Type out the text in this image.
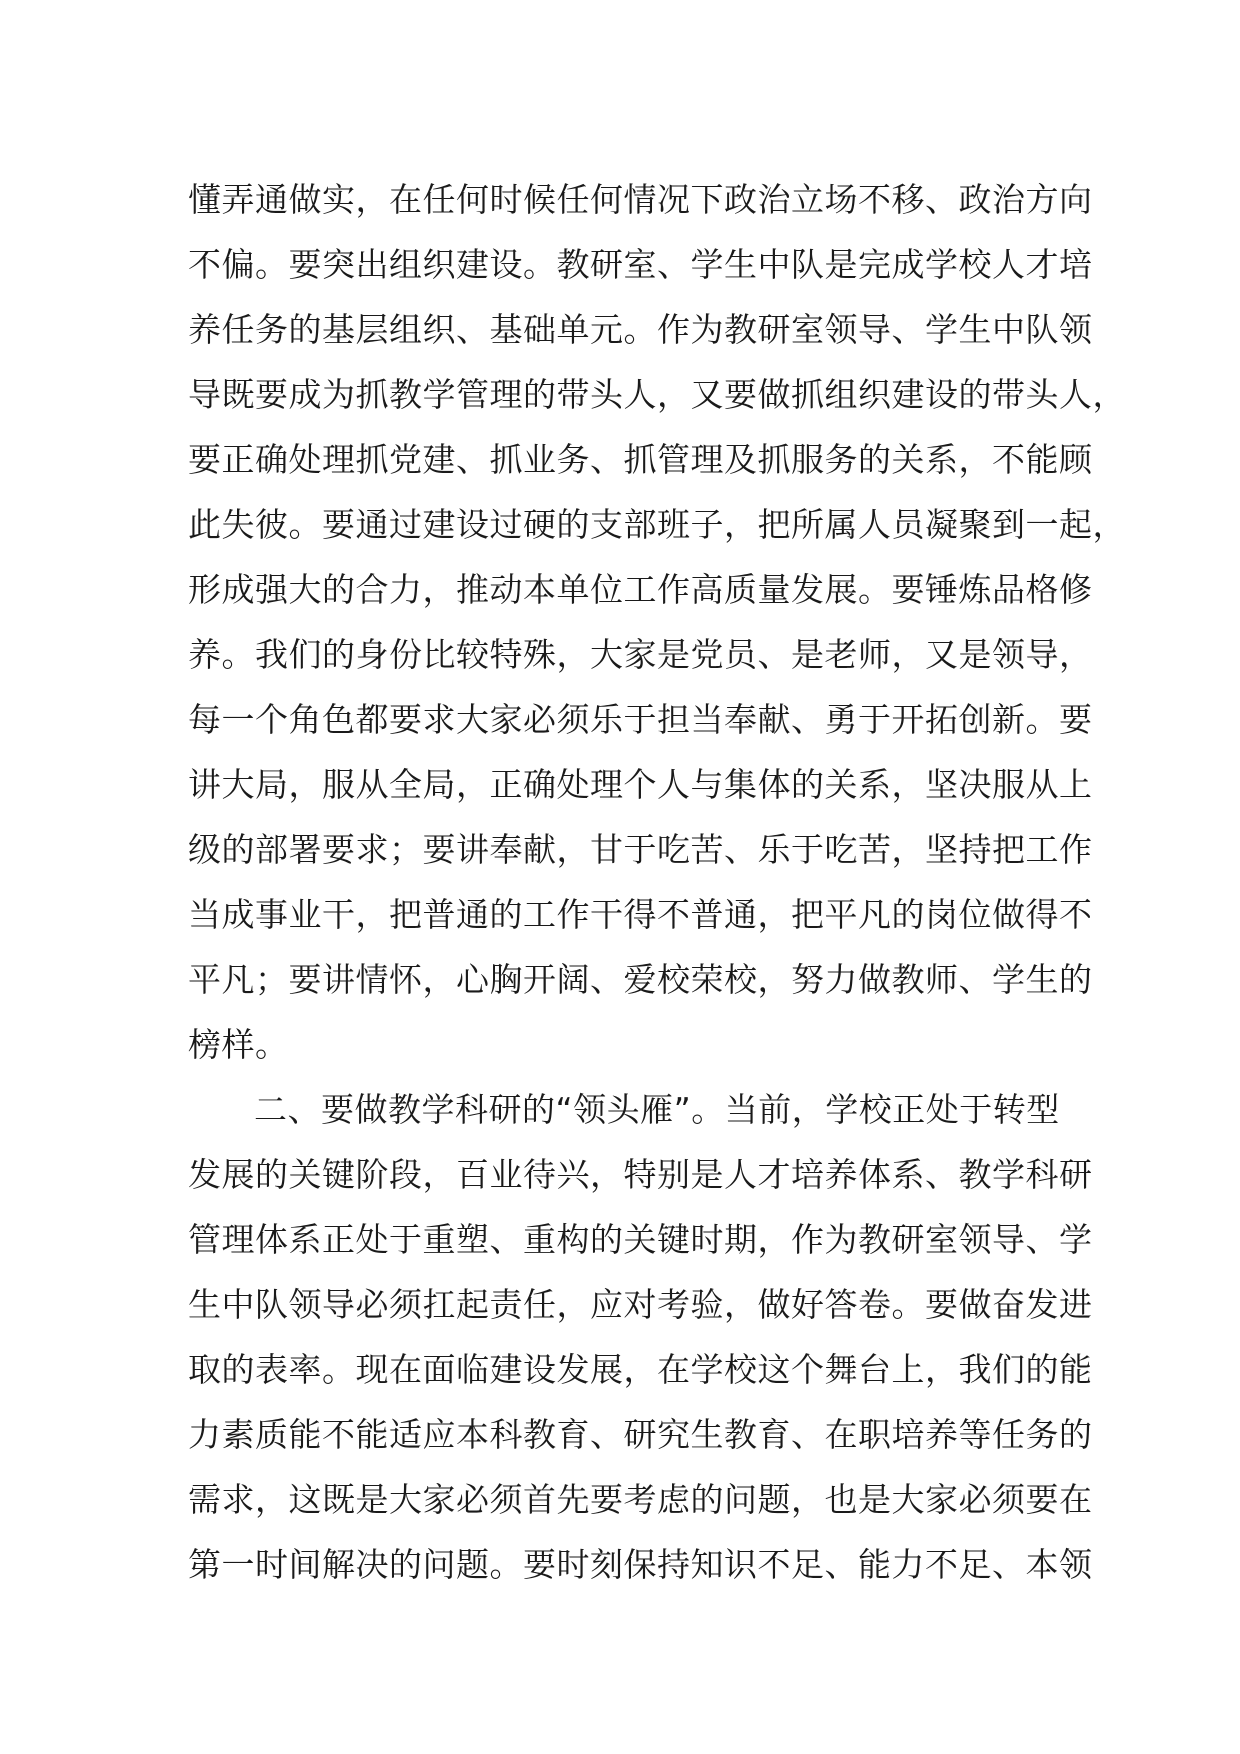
懂弄通做实，在任何时候任何情况下政治立场不移、政治方向
不偏。要突出组织建设。教研室、学生中队是完成学校人才培
养任务的基层组织、基础单元。作为教研室领导、学生中队领
导既要成为抓教学管理的带头人，又要做抓组织建设的带头人，
要正确处理抓党建、抓业务、抓管理及抓服务的关系，不能顾
此失彼。要通过建设过硬的支部班子，把所属人员凝聚到一起，
形成强大的合力，推动本单位工作高质量发展。要锤炼品格修
养。我们的身份比较特殊，大家是党员、是老师，又是领导，
每一个角色都要求大家必须乐于担当奉献、勇于开拓创新。要
讲大局，服从全局，正确处理个人与集体的关系，坚决服从上
级的部署要求；要讲奉献，甘于吃苦、乐于吃苦，坚持把工作
当成事业干，把普通的工作干得不普通，把平凡的岗位做得不
平凡；要讲情怀，心胸开阔、爱校荣校，努力做教师、学生的
榜样。
二、要做教学科研的“领头雁”。当前，学校正处于转型
发展的关键阶段，百业待兴，特别是人才培养体系、教学科研
管理体系正处于重塑、重构的关键时期，作为教研室领导、学
生中队领导必须扛起责任，应对考验，做好答卷。要做奋发进
取的表率。现在面临建设发展，在学校这个舞台上，我们的能
力素质能不能适应本科教育、研究生教育、在职培养等任务的
需求，这既是大家必须首先要考虑的问题，也是大家必须要在
第一时间解决的问题。要时刻保持知识不足、能力不足、本领
